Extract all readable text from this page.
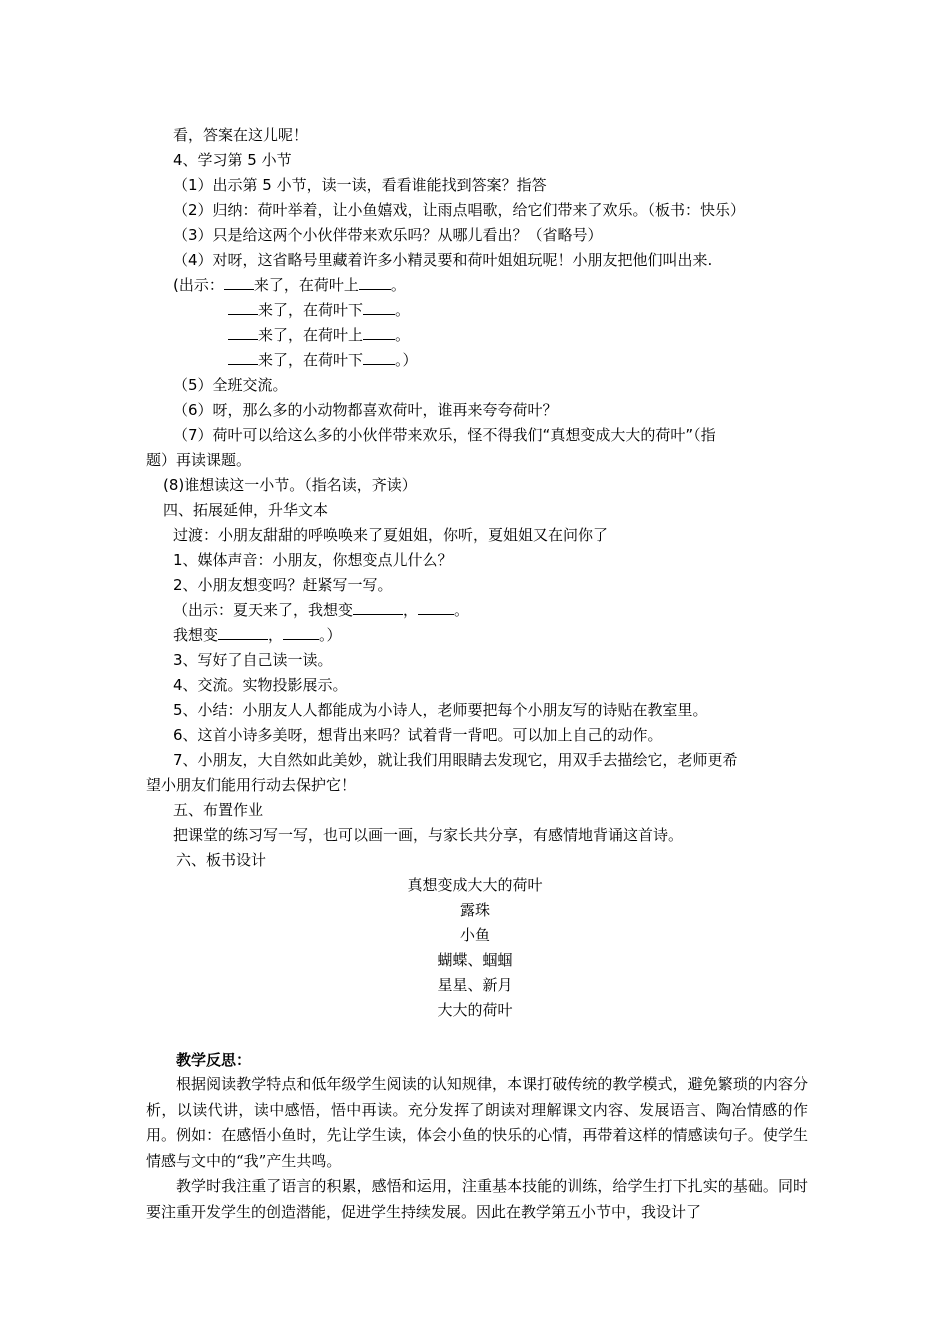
看，答案在这儿呢！
4、学习第 5 小节
（1）出示第 5 小节，读一读，看看谁能找到答案？指答
（2）归纳：荷叶举着，让小鱼嬉戏，让雨点唱歌，给它们带来了欢乐。（板书：快乐）
（3）只是给这两个小伙伴带来欢乐吗？从哪儿看出？（省略号）
（4）对呀，这省略号里藏着许多小精灵要和荷叶姐姐玩呢！小朋友把他们叫出来.
(出示： 来了，在荷叶上 。
来了，在荷叶下 。
来了，在荷叶上 。
来了，在荷叶下 。）
（5）全班交流。
（6）呀，那么多的小动物都喜欢荷叶，谁再来夸夸荷叶？
（7）荷叶可以给这么多的小伙伴带来欢乐，怪不得我们“真想变成大大的荷叶”（指
题）再读课题。
(8)谁想读这一小节。（指名读，齐读）
四、拓展延伸，升华文本
过渡：小朋友甜甜的呼唤唤来了夏姐姐，你听，夏姐姐又在问你了
1、媒体声音：小朋友，你想变点儿什么？
2、小朋友想变吗？赶紧写一写。
（出示：夏天来了，我想变	， 。
我想变	， 。）
3、写好了自己读一读。
4、交流。实物投影展示。
5、小结：小朋友人人都能成为小诗人，老师要把每个小朋友写的诗贴在教室里。
6、这首小诗多美呀，想背出来吗？试着背一背吧。可以加上自己的动作。
7、小朋友，大自然如此美妙，就让我们用眼睛去发现它，用双手去描绘它，老师更希
望小朋友们能用行动去保护它！
五、布置作业
把课堂的练习写一写，也可以画一画，与家长共分享，有感情地背诵这首诗。
六、板书设计
真想变成大大的荷叶
露珠
小鱼
蝴蝶、蝈蝈
星星、新月
大大的荷叶
教学反思：
根据阅读教学特点和低年级学生阅读的认知规律，本课打破传统的教学模式，避免繁琐的内容分析，以读代讲，读中感悟，悟中再读。充分发挥了朗读对理解课文内容、发展语言、陶冶情感的作用。例如：在感悟小鱼时，先让学生读，体会小鱼的快乐的心情，再带着这样的情感读句子。使学生情感与文中的“我”产生共鸣。
教学时我注重了语言的积累，感悟和运用，注重基本技能的训练，给学生打下扎实的基础。同时要注重开发学生的创造潜能，促进学生持续发展。因此在教学第五小节中，我设计了
